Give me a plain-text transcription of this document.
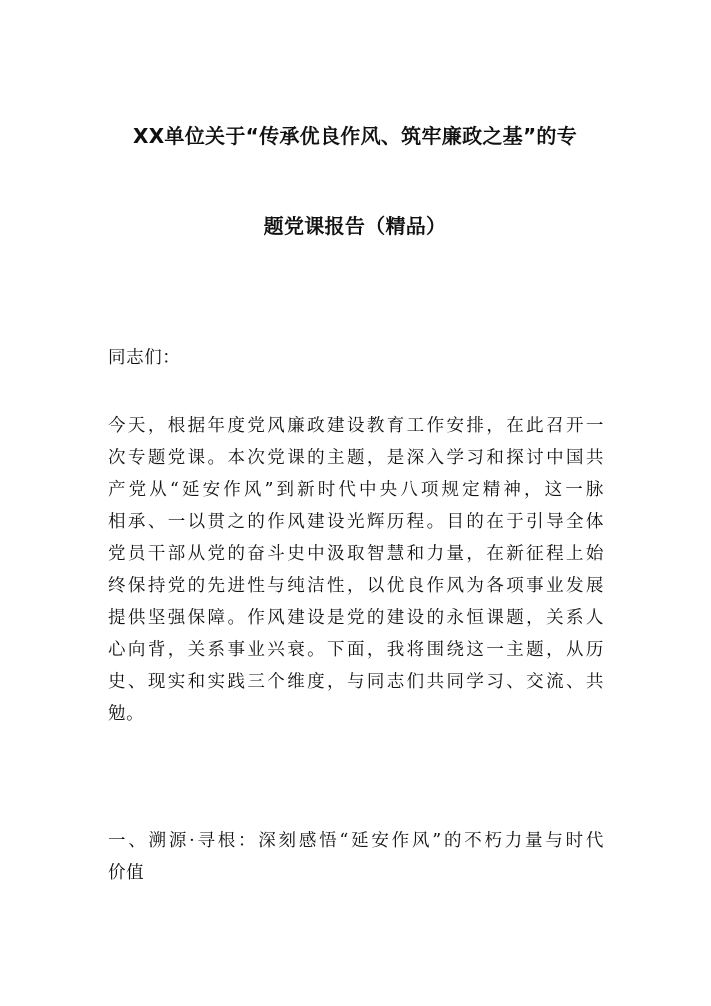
XX单位关于“传承优良作风、筑牢廉政之基”的专
题党课报告（精品）

同志们：

今天，根据年度党风廉政建设教育工作安排，在此召开一
次专题党课。本次党课的主题，是深入学习和探讨中国共
产党从“延安作风”到新时代中央八项规定精神，这一脉
相承、一以贯之的作风建设光辉历程。目的在于引导全体
党员干部从党的奋斗史中汲取智慧和力量，在新征程上始
终保持党的先进性与纯洁性，以优良作风为各项事业发展
提供坚强保障。作风建设是党的建设的永恒课题，关系人
心向背，关系事业兴衰。下面，我将围绕这一主题，从历
史、现实和实践三个维度，与同志们共同学习、交流、共
勉。

一、溯源·寻根：深刻感悟“延安作风”的不朽力量与时代
价值
